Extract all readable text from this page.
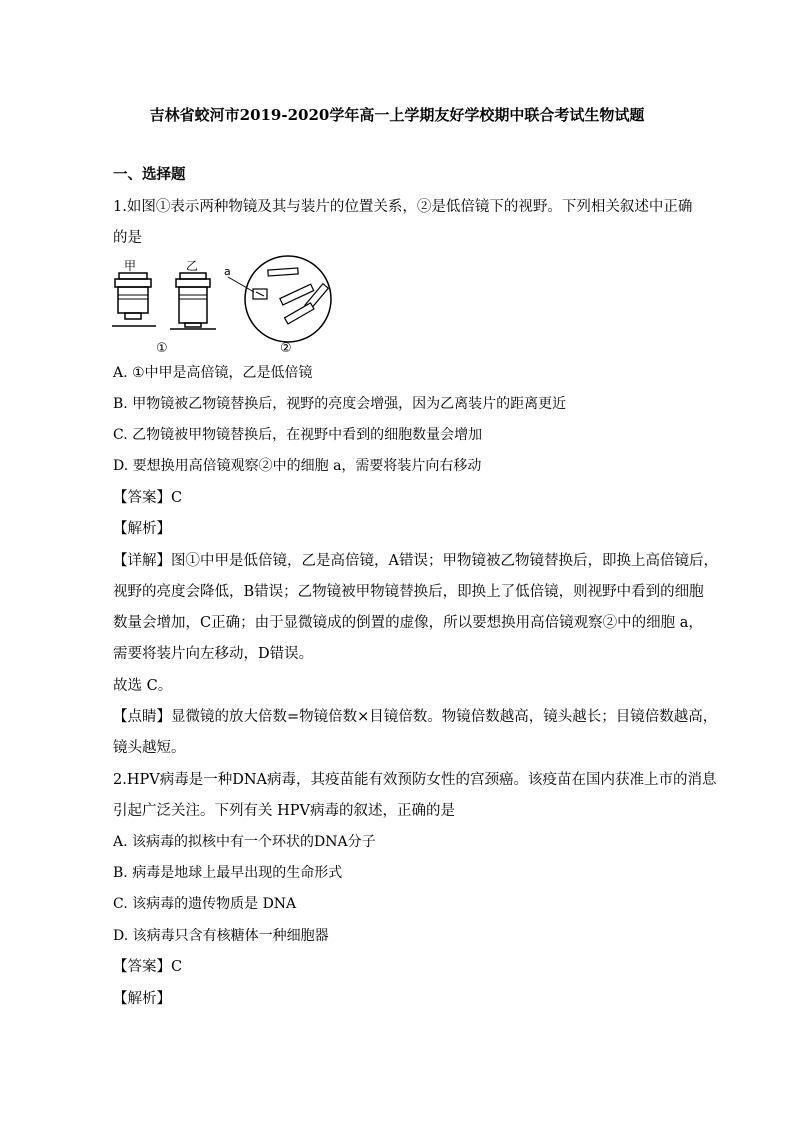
吉林省蛟河市2019-2020学年高一上学期友好学校期中联合考试生物试题
一、选择题
1.如图①表示两种物镜及其与装片的位置关系，②是低倍镜下的视野。下列相关叙述中正确
的是
甲	乙 a
①	②
A. ①中甲是高倍镜，乙是低倍镜
B. 甲物镜被乙物镜替换后，视野的亮度会增强，因为乙离装片的距离更近
C. 乙物镜被甲物镜替换后，在视野中看到的细胞数量会增加
D. 要想换用高倍镜观察②中的细胞 a，需要将装片向右移动
【答案】C
【解析】
【详解】图①中甲是低倍镜，乙是高倍镜，A错误；甲物镜被乙物镜替换后，即换上高倍镜后，
视野的亮度会降低，B错误；乙物镜被甲物镜替换后，即换上了低倍镜，则视野中看到的细胞
数量会增加，C正确；由于显微镜成的倒置的虚像，所以要想换用高倍镜观察②中的细胞 a，
需要将装片向左移动，D错误。
故选 C。
【点睛】显微镜的放大倍数=物镜倍数×目镜倍数。物镜倍数越高，镜头越长；目镜倍数越高，
镜头越短。
2.HPV病毒是一种DNA病毒，其疫苗能有效预防女性的宫颈癌。该疫苗在国内获准上市的消息
引起广泛关注。下列有关 HPV病毒的叙述，正确的是
A. 该病毒的拟核中有一个环状的DNA分子
B. 病毒是地球上最早出现的生命形式
C. 该病毒的遗传物质是 DNA
D. 该病毒只含有核糖体一种细胞器
【答案】C
【解析】
